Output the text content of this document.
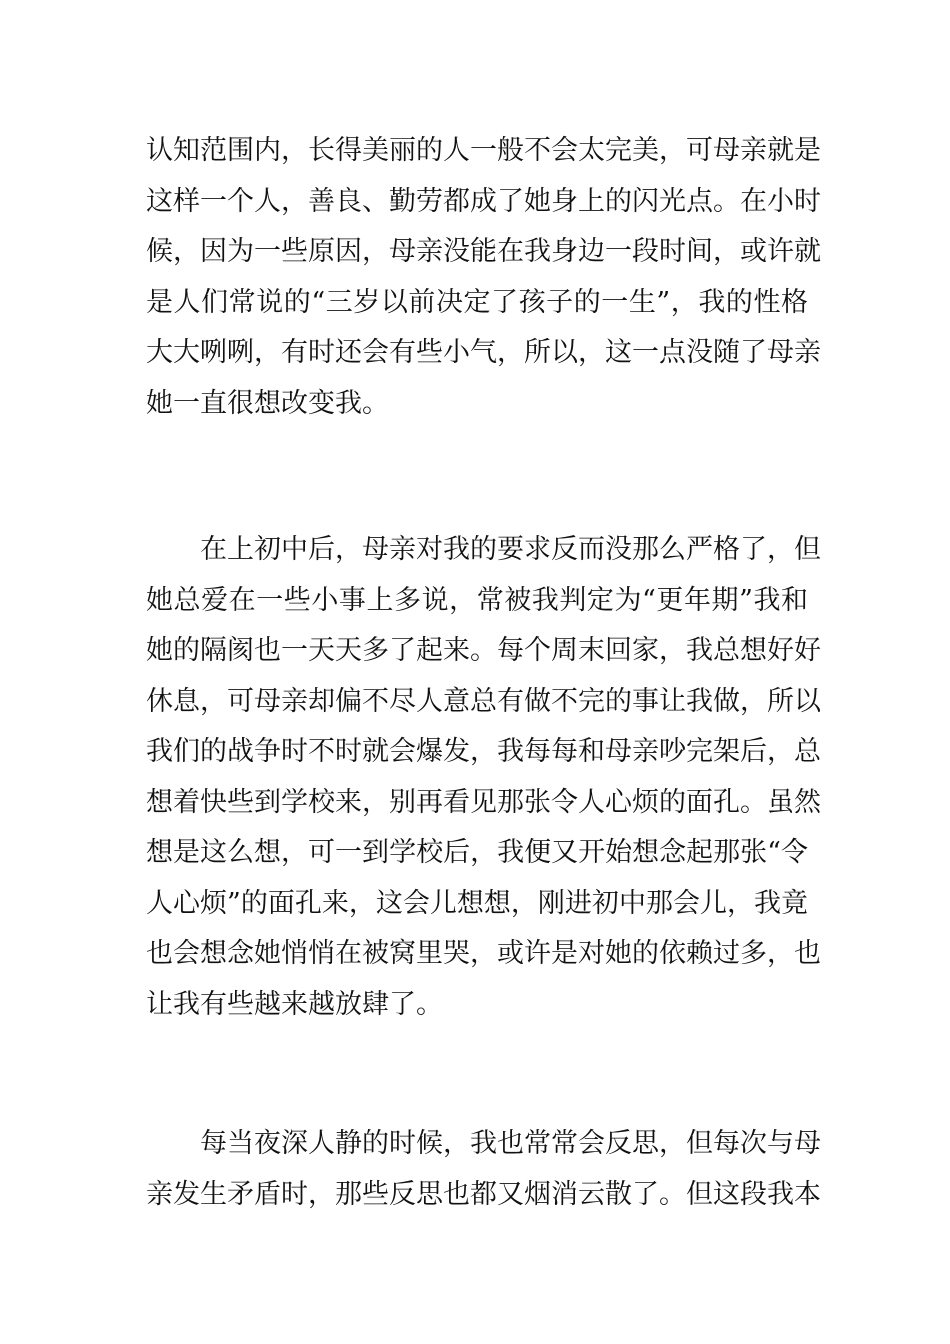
认知范围内，长得美丽的人一般不会太完美，可母亲就是
这样一个人，善良、勤劳都成了她身上的闪光点。在小时
候，因为一些原因，母亲没能在我身边一段时间，或许就
是人们常说的“三岁以前决定了孩子的一生”，我的性格
大大咧咧，有时还会有些小气，所以，这一点没随了母亲
她一直很想改变我。

在上初中后，母亲对我的要求反而没那么严格了，但
她总爱在一些小事上多说，常被我判定为“更年期”我和
她的隔阂也一天天多了起来。每个周末回家，我总想好好
休息，可母亲却偏不尽人意总有做不完的事让我做，所以
我们的战争时不时就会爆发，我每每和母亲吵完架后，总
想着快些到学校来，别再看见那张令人心烦的面孔。虽然
想是这么想，可一到学校后，我便又开始想念起那张“令
人心烦”的面孔来，这会儿想想，刚进初中那会儿，我竟
也会想念她悄悄在被窝里哭，或许是对她的依赖过多，也
让我有些越来越放肆了。

每当夜深人静的时候，我也常常会反思，但每次与母
亲发生矛盾时，那些反思也都又烟消云散了。但这段我本
